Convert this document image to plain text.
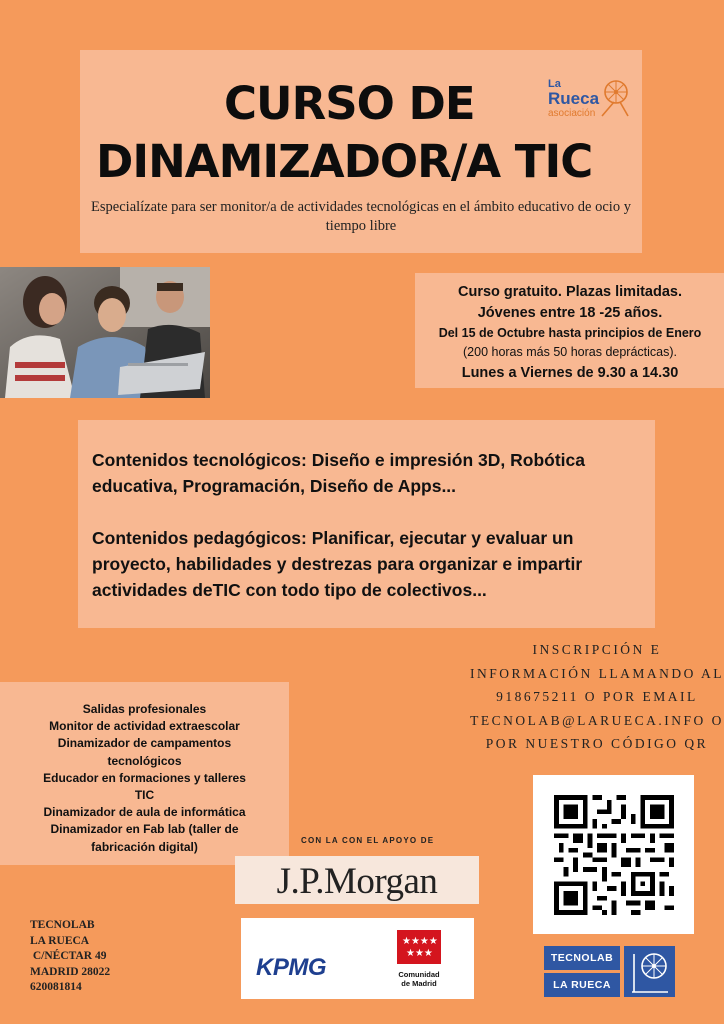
CURSO DE
DINAMIZADOR/A TIC
Especialízate para ser monitor/a de actividades tecnológicas en el ámbito educativo de ocio y tiempo libre
La
Rueca
asociación
Curso gratuito. Plazas limitadas.
Jóvenes entre 18 -25 años.
Del 15 de Octubre hasta principios de Enero
(200 horas más 50 horas deprácticas).
Lunes a Viernes de 9.30 a 14.30

Contenidos tecnológicos: Diseño e impresión 3D, Robótica educativa, Programación, Diseño de Apps...

Contenidos pedagógicos: Planificar, ejecutar y evaluar un proyecto, habilidades y destrezas para organizar e impartir actividades deTIC con todo tipo de colectivos...

INSCRIPCIÓN E INFORMACIÓN LLAMANDO AL 918675211 O POR EMAIL TECNOLAB@LARUECA.INFO O POR NUESTRO CÓDIGO QR
Salidas profesionales
Monitor de actividad extraescolar
Dinamizador de campamentos
tecnológicos
Educador en formaciones y talleres
TIC
Dinamizador de aula de informática
Dinamizador en Fab lab (taller de
fabricación digital)	CON LA CON EL APOYO DE
J.P.Morgan
KPMG
★★★★
★★★
Comunidad
de Madrid
TECNOLAB
LA RUECA
C/NÉCTAR 49
MADRID 28022
620081814
TECNOLAB
LA RUECA
